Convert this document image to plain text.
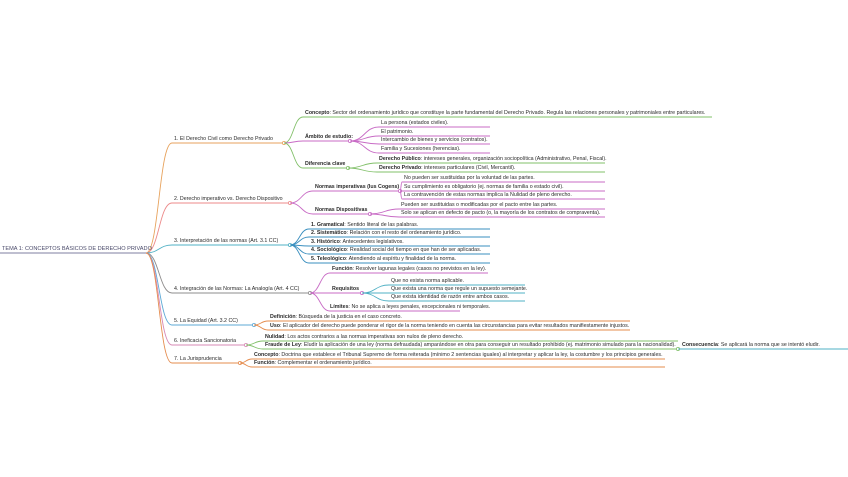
TEMA 1: CONCEPTOS BÁSICOS DE DERECHO PRIVADO
1. El Derecho Civil como Derecho Privado
Concepto: Sector del ordenamiento jurídico que constituye la parte fundamental del Derecho Privado. Regula las relaciones personales y patrimoniales entre particulares.
Ámbito de estudio:
La persona (estados civiles).
El patrimonio.
Intercambio de bienes y servicios (contratos).
Familia y Sucesiones (herencias).
Diferencia clave
Derecho Público: intereses generales, organización sociopolítica (Administrativo, Penal, Fiscal).
Derecho Privado: intereses particulares (Civil, Mercantil).
2. Derecho imperativo vs. Derecho Dispositivo
Normas imperativas (Ius Cogens)
No pueden ser sustituidas por la voluntad de las partes.
Su cumplimiento es obligatorio (ej. normas de familia o estado civil).
La contravención de estas normas implica la Nulidad de pleno derecho.
Normas Dispositivas
Pueden ser sustituidas o modificadas por el pacto entre las partes.
Solo se aplican en defecto de pacto (o, la mayoría de los contratos de compraventa).
3. Interpretación de las normas (Art. 3.1 CC)
1. Gramatical: Sentido literal de las palabras.
2. Sistemático: Relación con el resto del ordenamiento jurídico.
3. Histórico: Antecedentes legislativos.
4. Sociológico: Realidad social del tiempo en que han de ser aplicadas.
5. Teleológico: Atendiendo al espíritu y finalidad de la norma.
4. Integración de las Normas: La Analogía (Art. 4 CC)
Función: Resolver lagunas legales (casos no previstos en la ley).
Requisitos
Que no exista norma aplicable.
Que exista una norma que regule un supuesto semejante.
Que exista identidad de razón entre ambos casos.
Límites: No se aplica a leyes penales, excepcionales ni temporales.
5. La Equidad (Art. 3.2 CC)
Definición: Búsqueda de la justicia en el caso concreto.
Uso: El aplicador del derecho puede ponderar el rigor de la norma teniendo en cuenta las circunstancias para evitar resultados manifiestamente injustos.
6. Ineficacia Sancionatoria
Nulidad: Los actos contrarios a las normas imperativas son nulos de pleno derecho.
Fraude de Ley: Eludir la aplicación de una ley (norma defraudada) amparándose en otra para conseguir un resultado prohibido (ej. matrimonio simulado para la nacionalidad). Consecuencia: Se aplicará la norma que se intentó eludir.
7. La Jurisprudencia
Concepto: Doctrina que establece el Tribunal Supremo de forma reiterada (mínimo 2 sentencias iguales) al interpretar y aplicar la ley, la costumbre y los principios generales.
Función: Complementar el ordenamiento jurídico.
